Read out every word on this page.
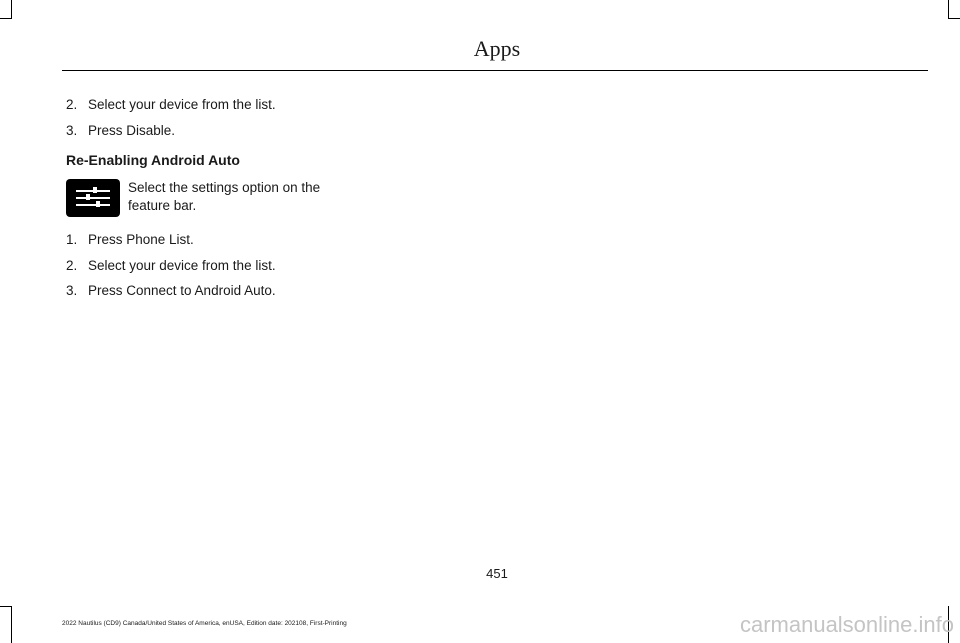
Apps
2. Select your device from the list.
3. Press Disable.
Re-Enabling Android Auto
Select the settings option on the feature bar.
1. Press Phone List.
2. Select your device from the list.
3. Press Connect to Android Auto.
451
2022 Nautilus (CD9) Canada/United States of America, enUSA, Edition date: 202108, First-Printing	carmanualsonline.info
